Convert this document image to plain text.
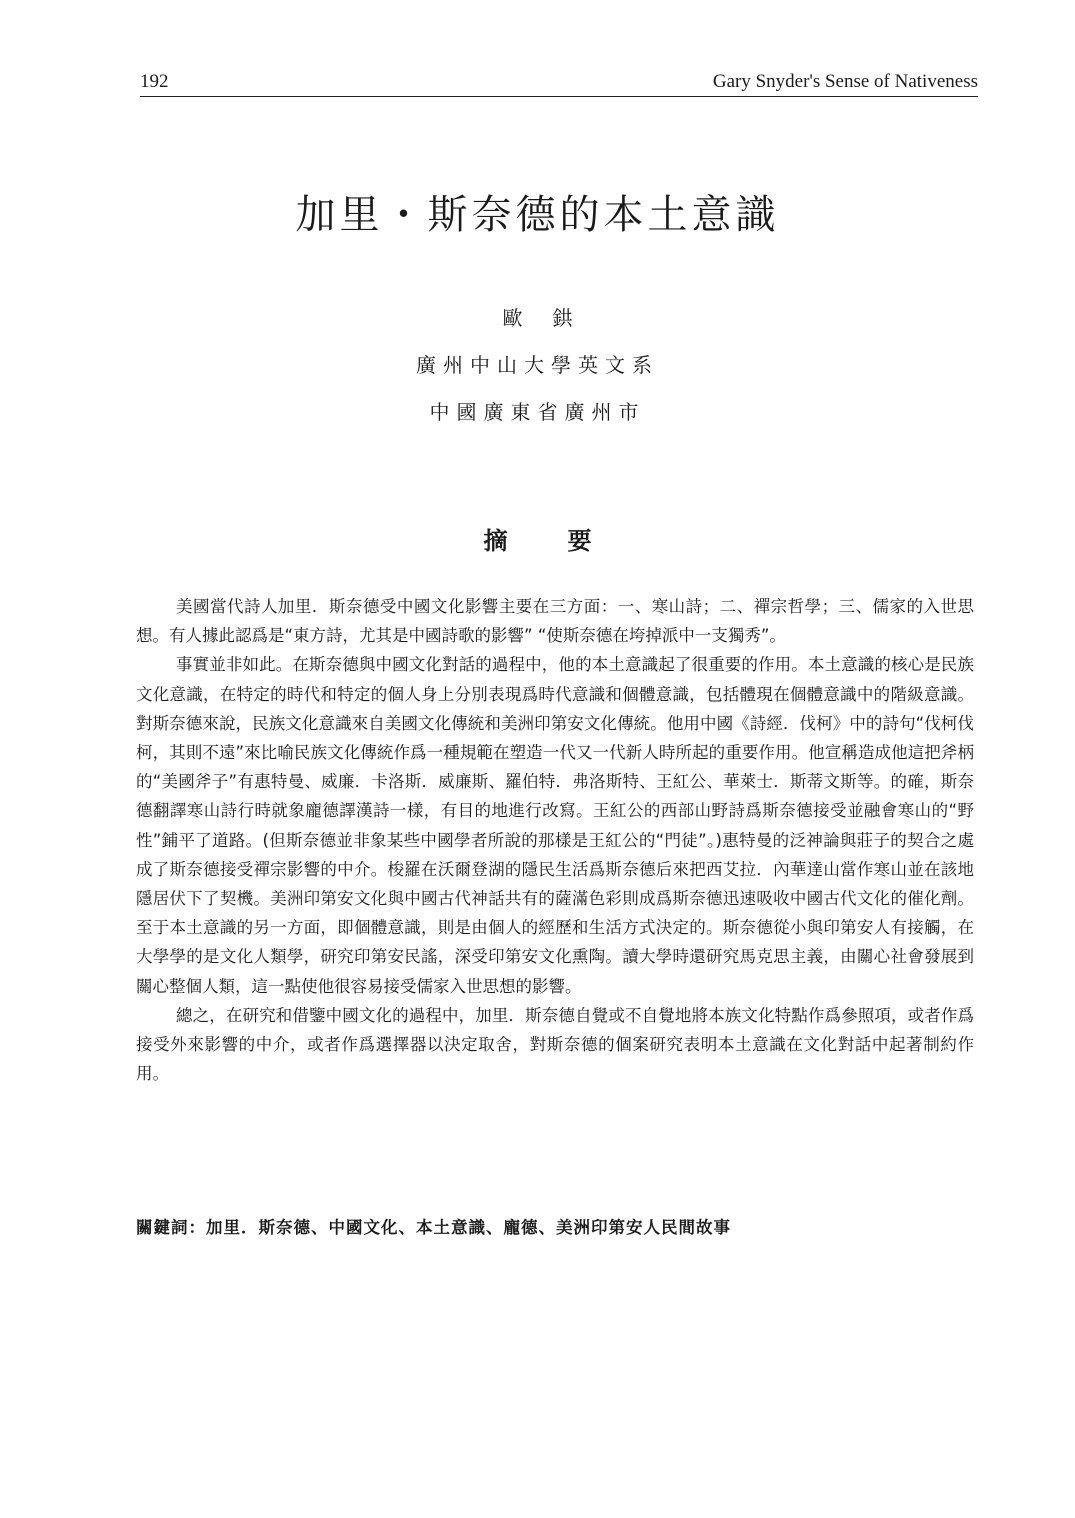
192	Gary Snyder's Sense of Nativeness
加里・斯奈德的本土意識
歐鉷
廣州中山大學英文系
中國廣東省廣州市
摘要

美國當代詩人加里．斯奈德受中國文化影響主要在三方面：一、寒山詩；二、禪宗哲學；三、儒家的入世思想。有人據此認爲是“東方詩，尤其是中國詩歌的影響” “使斯奈德在垮掉派中一支獨秀”。

事實並非如此。在斯奈德與中國文化對話的過程中，他的本土意識起了很重要的作用。本土意識的核心是民族文化意識，在特定的時代和特定的個人身上分別表現爲時代意識和個體意識，包括體現在個體意識中的階級意識。對斯奈德來說，民族文化意識來自美國文化傳統和美洲印第安文化傳統。他用中國《詩經．伐柯》中的詩句“伐柯伐柯，其則不遠”來比喻民族文化傳統作爲一種規範在塑造一代又一代新人時所起的重要作用。他宣稱造成他這把斧柄的“美國斧子”有惠特曼、威廉．卡洛斯．威廉斯、羅伯特．弗洛斯特、王紅公、華萊士．斯蒂文斯等。的確，斯奈德翻譯寒山詩行時就象龐德譯漢詩一樣，有目的地進行改寫。王紅公的西部山野詩爲斯奈德接受並融會寒山的“野性”鋪平了道路。(但斯奈德並非象某些中國學者所說的那樣是王紅公的“門徒”。)惠特曼的泛神論與莊子的契合之處成了斯奈德接受禪宗影響的中介。梭羅在沃爾登湖的隱民生活爲斯奈德后來把西艾拉．內華達山當作寒山並在該地隱居伏下了契機。美洲印第安文化與中國古代神話共有的薩滿色彩則成爲斯奈德迅速吸收中國古代文化的催化劑。至于本土意識的另一方面，即個體意識，則是由個人的經歷和生活方式決定的。斯奈德從小與印第安人有接觸，在大學學的是文化人類學，研究印第安民謠，深受印第安文化熏陶。讀大學時還研究馬克思主義，由關心社會發展到關心整個人類，這一點使他很容易接受儒家入世思想的影響。

總之，在研究和借鑒中國文化的過程中，加里．斯奈德自覺或不自覺地將本族文化特點作爲參照項，或者作爲接受外來影響的中介，或者作爲選擇器以決定取舍，對斯奈德的個案研究表明本土意識在文化對話中起著制約作用。

關鍵詞：加里．斯奈德、中國文化、本土意識、龐德、美洲印第安人民間故事
